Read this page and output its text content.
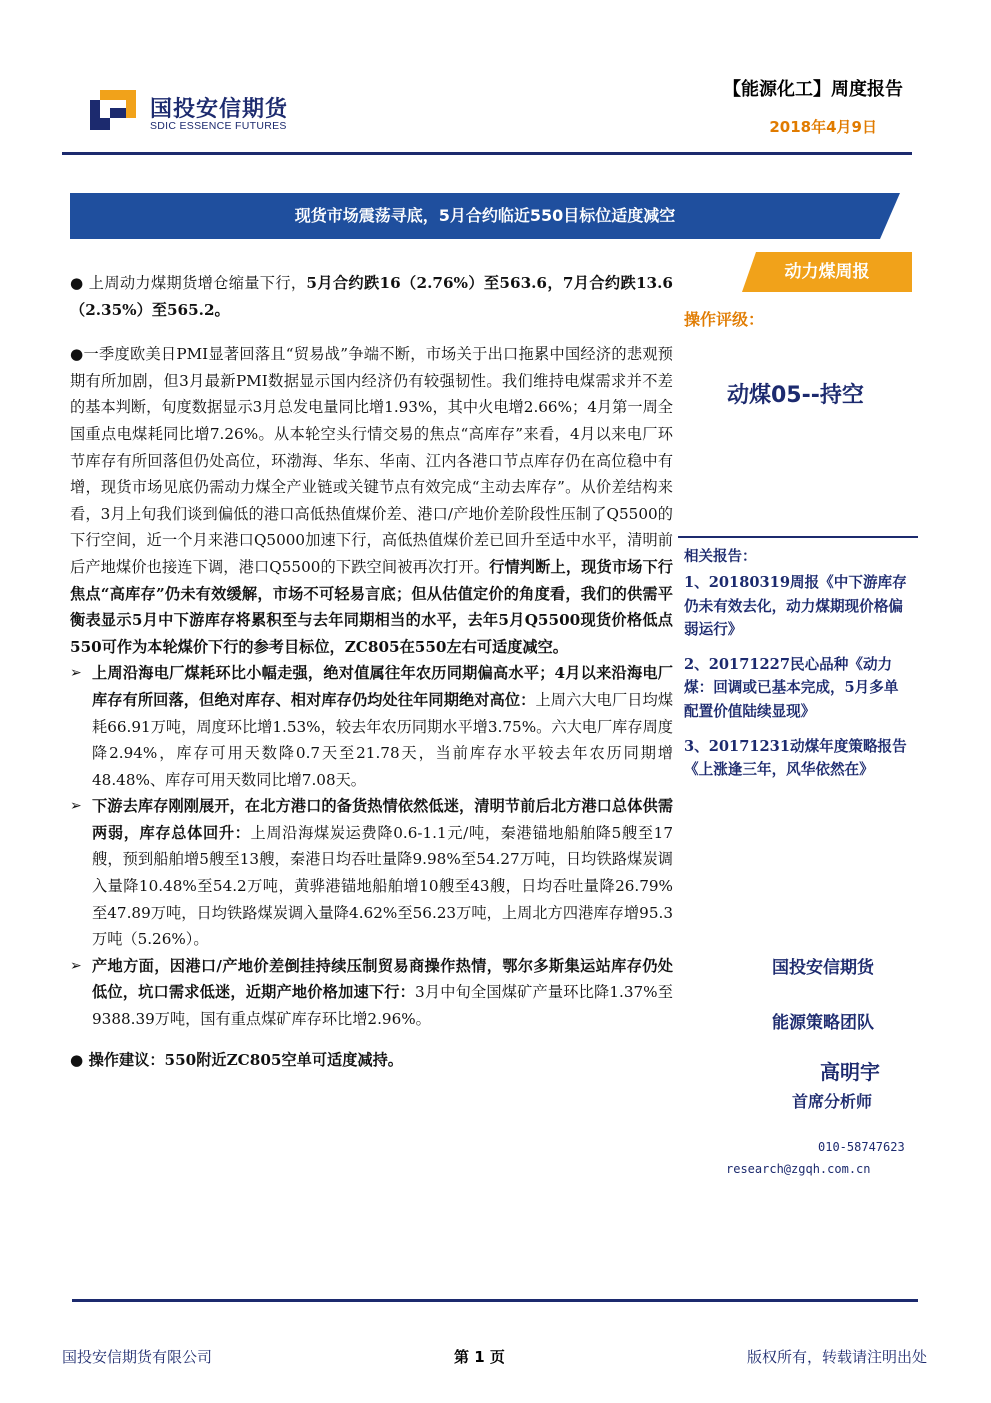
国投安信期货
SDIC ESSENCE FUTURES
【能源化工】周度报告
2018年4月9日
现货市场震荡寻底，5月合约临近550目标位适度减空
动力煤周报

● 上周动力煤期货增仓缩量下行，5月合约跌16（2.76%）至563.6，7月合约跌13.6（2.35%）至565.2。

●一季度欧美日PMI显著回落且“贸易战”争端不断，市场关于出口拖累中国经济的悲观预期有所加剧，但3月最新PMI数据显示国内经济仍有较强韧性。我们维持电煤需求并不差的基本判断，旬度数据显示3月总发电量同比增1.93%，其中火电增2.66%；4月第一周全国重点电煤耗同比增7.26%。从本轮空头行情交易的焦点“高库存”来看，4月以来电厂环节库存有所回落但仍处高位，环渤海、华东、华南、江内各港口节点库存仍在高位稳中有增，现货市场见底仍需动力煤全产业链或关键节点有效完成“主动去库存”。从价差结构来看，3月上旬我们谈到偏低的港口高低热值煤价差、港口/产地价差阶段性压制了Q5500的下行空间，近一个月来港口Q5000加速下行，高低热值煤价差已回升至适中水平，清明前后产地煤价也接连下调，港口Q5500的下跌空间被再次打开。行情判断上，现货市场下行焦点“高库存”仍未有效缓解，市场不可轻易言底；但从估值定价的角度看，我们的供需平衡表显示5月中下游库存将累积至与去年同期相当的水平，去年5月Q5500现货价格低点550可作为本轮煤价下行的参考目标位，ZC805在550左右可适度减空。

➢ 上周沿海电厂煤耗环比小幅走强，绝对值属往年农历同期偏高水平；4月以来沿海电厂库存有所回落，但绝对库存、相对库存仍均处往年同期绝对高位：上周六大电厂日均煤耗66.91万吨，周度环比增1.53%，较去年农历同期水平增3.75%。六大电厂库存周度降2.94%，库存可用天数降0.7天至21.78天，当前库存水平较去年农历同期增48.48%、库存可用天数同比增7.08天。
➢ 下游去库存刚刚展开，在北方港口的备货热情依然低迷，清明节前后北方港口总体供需两弱，库存总体回升：上周沿海煤炭运费降0.6-1.1元/吨，秦港锚地船舶降5艘至17艘，预到船舶增5艘至13艘，秦港日均吞吐量降9.98%至54.27万吨，日均铁路煤炭调入量降10.48%至54.2万吨，黄骅港锚地船舶增10艘至43艘，日均吞吐量降26.79%至47.89万吨，日均铁路煤炭调入量降4.62%至56.23万吨，上周北方四港库存增95.3万吨（5.26%）。
➢ 产地方面，因港口/产地价差倒挂持续压制贸易商操作热情，鄂尔多斯集运站库存仍处低位，坑口需求低迷，近期产地价格加速下行：3月中旬全国煤矿产量环比降1.37%至9388.39万吨，国有重点煤矿库存环比增2.96%。

● 操作建议：550附近ZC805空单可适度减持。

操作评级：
动煤05--持空
相关报告：

1、20180319周报《中下游库存仍未有效去化，动力煤期现价格偏弱运行》

2、20171227民心品种《动力煤：回调或已基本完成，5月多单配置价值陆续显现》

3、20171231动煤年度策略报告《上涨逢三年，风华依然在》

国投安信期货
能源策略团队
高明宇
首席分析师
010-58747623
research@zgqh.com.cn
国投安信期货有限公司	第 1 页	版权所有，转载请注明出处
